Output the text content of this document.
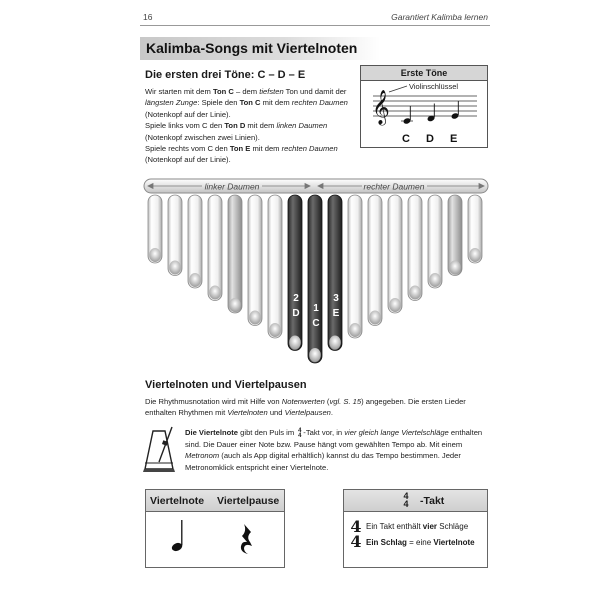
16	Garantiert Kalimba lernen
Kalimba-Songs mit Viertelnoten
Die ersten drei Töne: C – D – E

Wir starten mit dem Ton C – dem tiefsten Ton und damit der längsten Zunge: Spiele den Ton C mit dem rechten Daumen (Notenkopf auf der Linie).

Spiele links vom C den Ton D mit dem linken Daumen (Notenkopf zwischen zwei Linien).

Spiele rechts vom C den Ton E mit dem rechten Daumen (Notenkopf auf der Linie).

Erste Töne
𝄞
Violinschlüssel
C D E
linker Daumen	rechter Daumen
2
D 1
C
3
E
Viertelnoten und Viertelpausen
Die Rhythmusnotation wird mit Hilfe von Notenwerten (vgl. S. 15) angegeben. Die ersten Lieder enthalten Rhythmen mit Viertelnoten und Viertelpausen.
Die Viertelnote gibt den Puls im 4
4 -Takt vor, in vier gleich lange Viertelschläge enthalten sind. Die Dauer einer Note bzw. Pause hängt vom gewählten Tempo ab. Mit einem Metronom (auch als App digital erhältlich) kannst du das Tempo bestimmen. Jeder Metronomklick entspricht einer Viertelnote.
Viertelnote Viertelpause	4
4	-Takt
4
4
Ein Takt enthält vier Schläge
Ein Schlag = eine Viertelnote
